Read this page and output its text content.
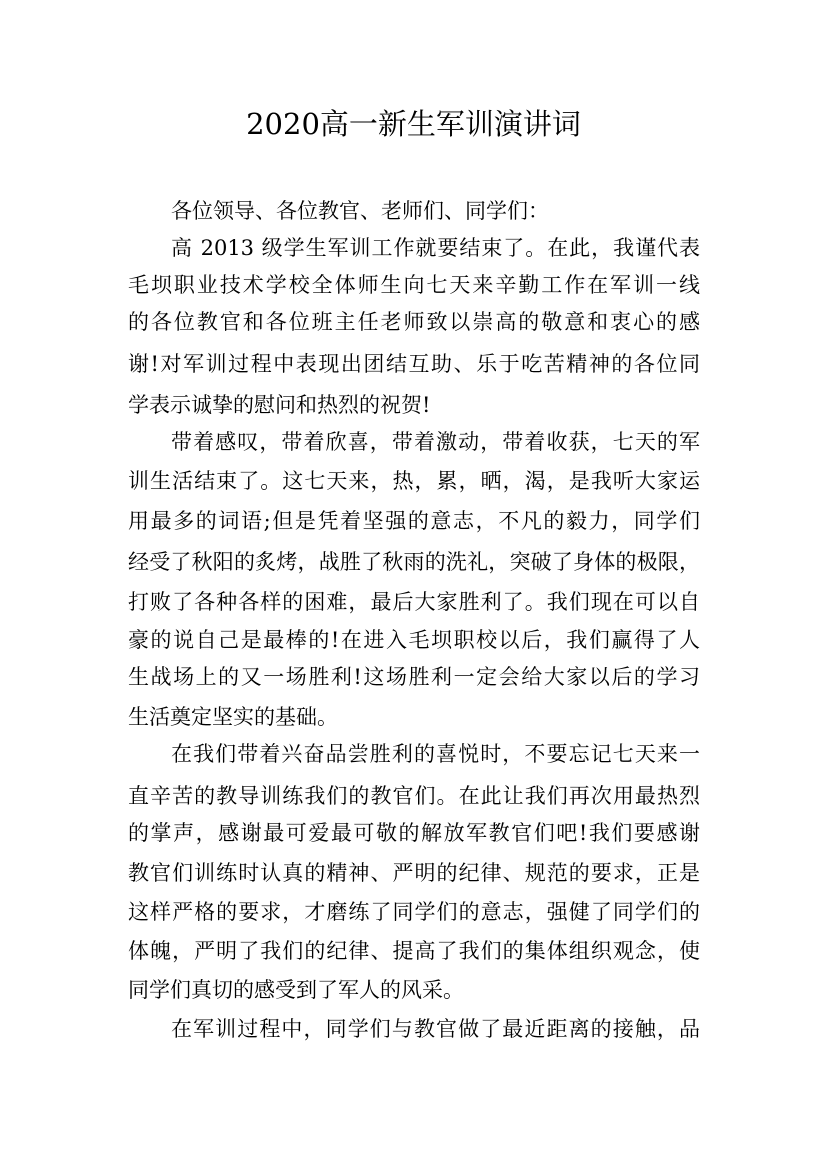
2020高一新生军训演讲词
各位领导、各位教官、老师们、同学们：
高 2013 级学生军训工作就要结束了。在此，我谨代表
毛坝职业技术学校全体师生向七天来辛勤工作在军训一线
的各位教官和各位班主任老师致以崇高的敬意和衷心的感
谢!对军训过程中表现出团结互助、乐于吃苦精神的各位同
学表示诚挚的慰问和热烈的祝贺!
带着感叹，带着欣喜，带着激动，带着收获，七天的军
训生活结束了。这七天来，热，累，晒，渴，是我听大家运
用最多的词语;但是凭着坚强的意志，不凡的毅力，同学们
经受了秋阳的炙烤，战胜了秋雨的洗礼，突破了身体的极限，
打败了各种各样的困难，最后大家胜利了。我们现在可以自
豪的说自己是最棒的!在进入毛坝职校以后，我们赢得了人
生战场上的又一场胜利!这场胜利一定会给大家以后的学习
生活奠定坚实的基础。
在我们带着兴奋品尝胜利的喜悦时，不要忘记七天来一
直辛苦的教导训练我们的教官们。在此让我们再次用最热烈
的掌声，感谢最可爱最可敬的解放军教官们吧!我们要感谢
教官们训练时认真的精神、严明的纪律、规范的要求，正是
这样严格的要求，才磨练了同学们的意志，强健了同学们的
体魄，严明了我们的纪律、提高了我们的集体组织观念，使
同学们真切的感受到了军人的风采。
在军训过程中，同学们与教官做了最近距离的接触，品
